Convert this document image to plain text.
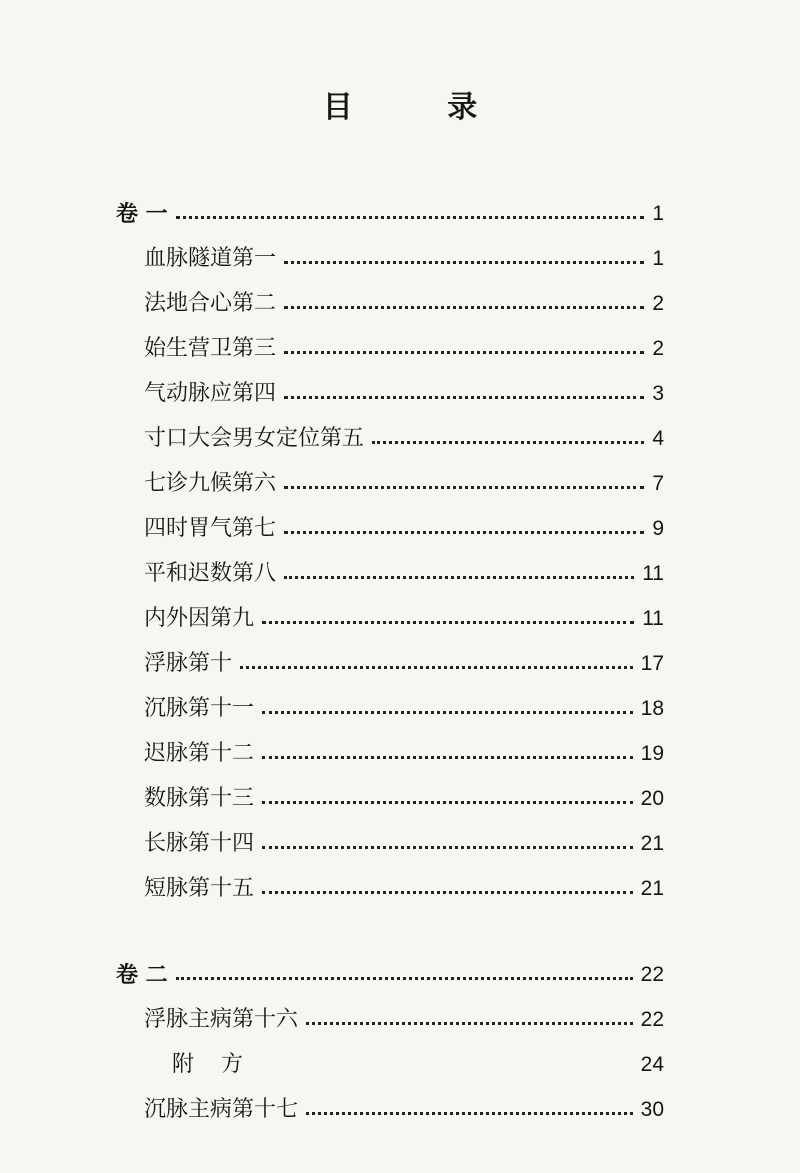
目 录
卷 一	1
血脉隧道第一	1
法地合心第二	2
始生营卫第三	2
气动脉应第四	3
寸口大会男女定位第五	4
七诊九候第六	7
四时胃气第七	9
平和迟数第八	11
内外因第九	11
浮脉第十	17
沉脉第十一	18
迟脉第十二	19
数脉第十三	20
长脉第十四	21
短脉第十五	21
卷 二	22
浮脉主病第十六	22
附 方	24
沉脉主病第十七	30
